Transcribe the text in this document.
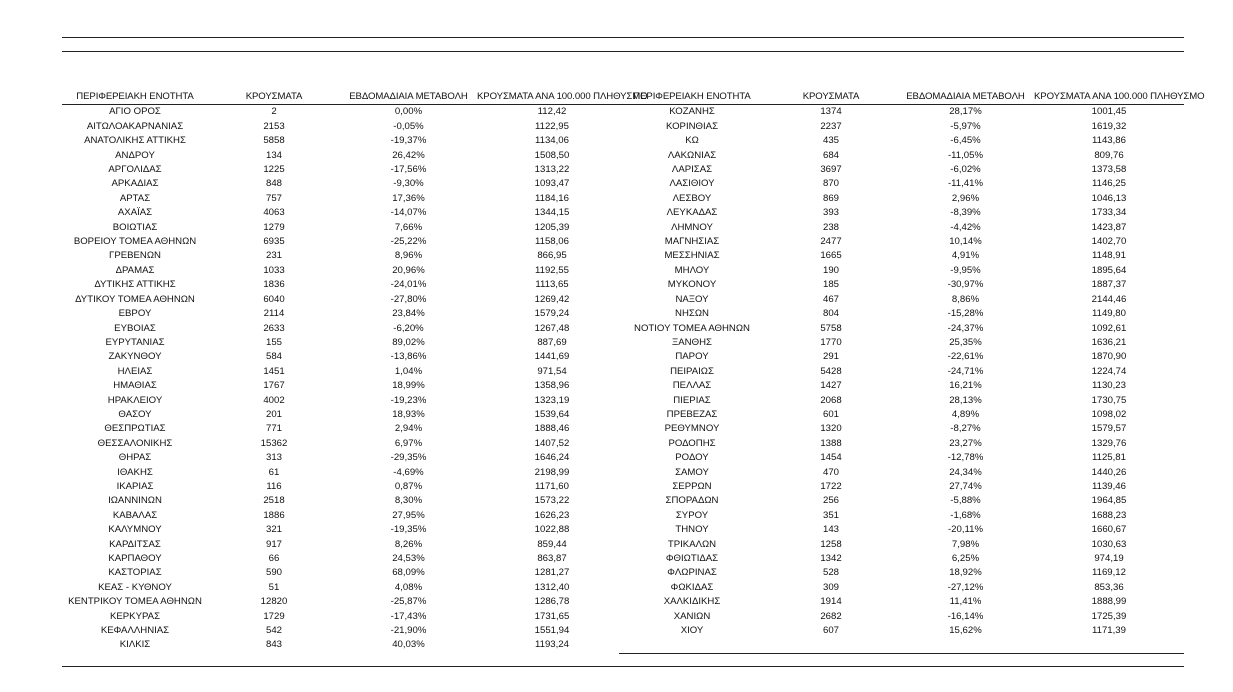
ΠΕΡΙΦΕΡΕΙΑΚΗ ΕΝΟΤΗΤΑ	ΚΡΟΥΣΜΑΤΑ	ΕΒΔΟΜΑΔΙΑΙΑ ΜΕΤΑΒΟΛΗ	ΚΡΟΥΣΜΑΤΑ ΑΝΑ 100.000 ΠΛΗΘΥΣΜΟ
ΑΓΙΟ ΟΡΟΣ	2	0,00%	112,42
ΑΙΤΩΛΟΑΚΑΡΝΑΝΙΑΣ	2153	-0,05%	1122,95
ΑΝΑΤΟΛΙΚΗΣ ΑΤΤΙΚΗΣ	5858	-19,37%	1134,06
ΑΝΔΡΟΥ	134	26,42%	1508,50
ΑΡΓΟΛΙΔΑΣ	1225	-17,56%	1313,22
ΑΡΚΑΔΙΑΣ	848	-9,30%	1093,47
ΑΡΤΑΣ	757	17,36%	1184,16
ΑΧΑΪΑΣ	4063	-14,07%	1344,15
ΒΟΙΩΤΙΑΣ	1279	7,66%	1205,39
ΒΟΡΕΙΟΥ ΤΟΜΕΑ ΑΘΗΝΩΝ	6935	-25,22%	1158,06
ΓΡΕΒΕΝΩΝ	231	8,96%	866,95
ΔΡΑΜΑΣ	1033	20,96%	1192,55
ΔΥΤΙΚΗΣ ΑΤΤΙΚΗΣ	1836	-24,01%	1113,65
ΔΥΤΙΚΟΥ ΤΟΜΕΑ ΑΘΗΝΩΝ	6040	-27,80%	1269,42
ΕΒΡΟΥ	2114	23,84%	1579,24
ΕΥΒΟΙΑΣ	2633	-6,20%	1267,48
ΕΥΡΥΤΑΝΙΑΣ	155	89,02%	887,69
ΖΑΚΥΝΘΟΥ	584	-13,86%	1441,69
ΗΛΕΙΑΣ	1451	1,04%	971,54
ΗΜΑΘΙΑΣ	1767	18,99%	1358,96
ΗΡΑΚΛΕΙΟΥ	4002	-19,23%	1323,19
ΘΑΣΟΥ	201	18,93%	1539,64
ΘΕΣΠΡΩΤΙΑΣ	771	2,94%	1888,46
ΘΕΣΣΑΛΟΝΙΚΗΣ	15362	6,97%	1407,52
ΘΗΡΑΣ	313	-29,35%	1646,24
ΙΘΑΚΗΣ	61	-4,69%	2198,99
ΙΚΑΡΙΑΣ	116	0,87%	1171,60
ΙΩΑΝΝΙΝΩΝ	2518	8,30%	1573,22
ΚΑΒΑΛΑΣ	1886	27,95%	1626,23
ΚΑΛΥΜΝΟΥ	321	-19,35%	1022,88
ΚΑΡΔΙΤΣΑΣ	917	8,26%	859,44
ΚΑΡΠΑΘΟΥ	66	24,53%	863,87
ΚΑΣΤΟΡΙΑΣ	590	68,09%	1281,27
ΚΕΑΣ - ΚΥΘΝΟΥ	51	4,08%	1312,40
ΚΕΝΤΡΙΚΟΥ ΤΟΜΕΑ ΑΘΗΝΩΝ	12820	-25,87%	1286,78
ΚΕΡΚΥΡΑΣ	1729	-17,43%	1731,65
ΚΕΦΑΛΛΗΝΙΑΣ	542	-21,90%	1551,94
ΚΙΛΚΙΣ	843	40,03%	1193,24
ΠΕΡΙΦΕΡΕΙΑΚΗ ΕΝΟΤΗΤΑ	ΚΡΟΥΣΜΑΤΑ	ΕΒΔΟΜΑΔΙΑΙΑ ΜΕΤΑΒΟΛΗ	ΚΡΟΥΣΜΑΤΑ ΑΝΑ 100.000 ΠΛΗΘΥΣΜΟ
ΚΟΖΑΝΗΣ	1374	28,17%	1001,45
ΚΟΡΙΝΘΙΑΣ	2237	-5,97%	1619,32
ΚΩ	435	-6,45%	1143,86
ΛΑΚΩΝΙΑΣ	684	-11,05%	809,76
ΛΑΡΙΣΑΣ	3697	-6,02%	1373,58
ΛΑΣΙΘΙΟΥ	870	-11,41%	1146,25
ΛΕΣΒΟΥ	869	2,96%	1046,13
ΛΕΥΚΑΔΑΣ	393	-8,39%	1733,34
ΛΗΜΝΟΥ	238	-4,42%	1423,87
ΜΑΓΝΗΣΙΑΣ	2477	10,14%	1402,70
ΜΕΣΣΗΝΙΑΣ	1665	4,91%	1148,91
ΜΗΛΟΥ	190	-9,95%	1895,64
ΜΥΚΟΝΟΥ	185	-30,97%	1887,37
ΝΑΞΟΥ	467	8,86%	2144,46
ΝΗΣΩΝ	804	-15,28%	1149,80
ΝΟΤΙΟΥ ΤΟΜΕΑ ΑΘΗΝΩΝ	5758	-24,37%	1092,61
ΞΑΝΘΗΣ	1770	25,35%	1636,21
ΠΑΡΟΥ	291	-22,61%	1870,90
ΠΕΙΡΑΙΩΣ	5428	-24,71%	1224,74
ΠΕΛΛΑΣ	1427	16,21%	1130,23
ΠΙΕΡΙΑΣ	2068	28,13%	1730,75
ΠΡΕΒΕΖΑΣ	601	4,89%	1098,02
ΡΕΘΥΜΝΟΥ	1320	-8,27%	1579,57
ΡΟΔΟΠΗΣ	1388	23,27%	1329,76
ΡΟΔΟΥ	1454	-12,78%	1125,81
ΣΑΜΟΥ	470	24,34%	1440,26
ΣΕΡΡΩΝ	1722	27,74%	1139,46
ΣΠΟΡΑΔΩΝ	256	-5,88%	1964,85
ΣΥΡΟΥ	351	-1,68%	1688,23
ΤΗΝΟΥ	143	-20,11%	1660,67
ΤΡΙΚΑΛΩΝ	1258	7,98%	1030,63
ΦΘΙΩΤΙΔΑΣ	1342	6,25%	974,19
ΦΛΩΡΙΝΑΣ	528	18,92%	1169,12
ΦΩΚΙΔΑΣ	309	-27,12%	853,36
ΧΑΛΚΙΔΙΚΗΣ	1914	11,41%	1888,99
ΧΑΝΙΩΝ	2682	-16,14%	1725,39
ΧΙΟΥ	607	15,62%	1171,39
